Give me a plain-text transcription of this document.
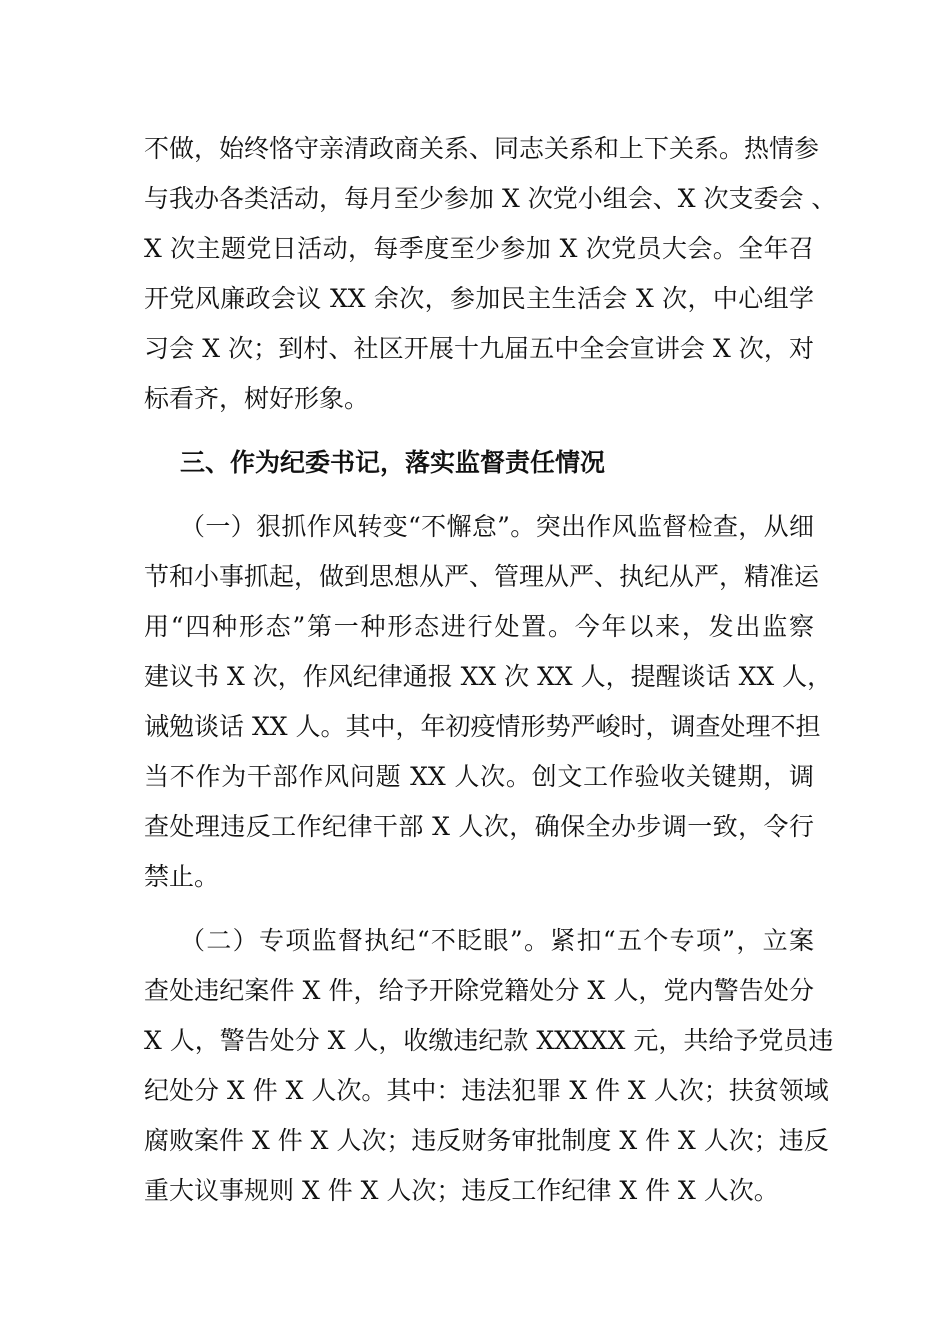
不做，始终恪守亲清政商关系、同志关系和上下关系。热情参
与我办各类活动，每月至少参加 X 次党小组会、X 次支委会 、
X 次主题党日活动，每季度至少参加 X 次党员大会。全年召
开党风廉政会议 XX 余次，参加民主生活会 X 次，中心组学
习会 X 次；到村、社区开展十九届五中全会宣讲会 X 次，对
标看齐，树好形象。
三、作为纪委书记，落实监督责任情况
（一）狠抓作风转变“不懈怠”。突出作风监督检查，从细
节和小事抓起，做到思想从严、管理从严、执纪从严，精准运
用“四种形态”第一种形态进行处置。今年以来，发出监察
建议书 X 次，作风纪律通报 XX 次 XX 人，提醒谈话 XX 人，
诫勉谈话 XX 人。其中，年初疫情形势严峻时，调查处理不担
当不作为干部作风问题 XX 人次。创文工作验收关键期，调
查处理违反工作纪律干部 X 人次，确保全办步调一致，令行
禁止。
（二）专项监督执纪“不眨眼”。紧扣“五个专项”，立案
查处违纪案件 X 件，给予开除党籍处分 X 人，党内警告处分
X 人，警告处分 X 人，收缴违纪款 XXXXX 元，共给予党员违
纪处分 X 件 X 人次。其中：违法犯罪 X 件 X 人次；扶贫领域
腐败案件 X 件 X 人次；违反财务审批制度 X 件 X 人次；违反
重大议事规则 X 件 X 人次；违反工作纪律 X 件 X 人次。
